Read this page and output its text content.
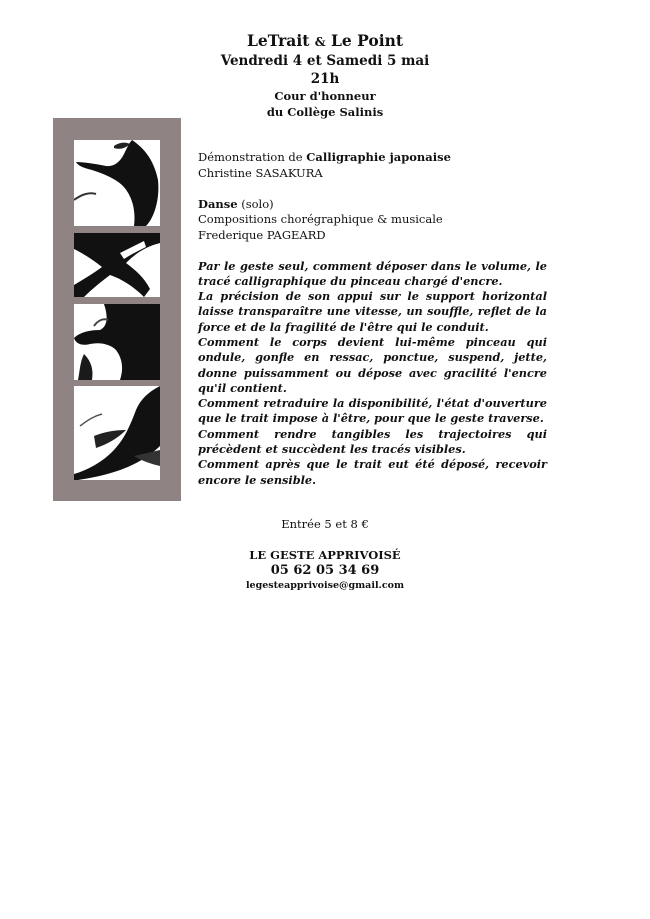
LeTrait & Le Point
Vendredi 4 et Samedi 5 mai
21h
Cour d'honneur
du Collège Salinis

Démonstration de Calligraphie japonaise

Christine SASAKURA

Danse (solo)

Compositions chorégraphique & musicale

Frederique PAGEARD

Par le geste seul, comment déposer dans le volume, le tracé calligraphique du pinceau chargé d'encre.

La précision de son appui sur le support horizontal laisse transparaître une vitesse, un souffle, reflet de la force et de la fragilité de l'être qui le conduit.

Comment le corps devient lui-même pinceau qui ondule, gonfle en ressac, ponctue, suspend, jette, donne puissamment ou dépose avec gracilité l'encre qu'il contient.

Comment retraduire la disponibilité, l'état d'ouverture que le trait impose à l'être, pour que le geste traverse.

Comment rendre tangibles les trajectoires qui précèdent et succèdent les tracés visibles.

Comment après que le trait eut été déposé, recevoir encore le sensible.

Entrée 5 et 8 €
LE GESTE APPRIVOISÉ
05 62 05 34 69
legesteapprivoise@gmail.com
